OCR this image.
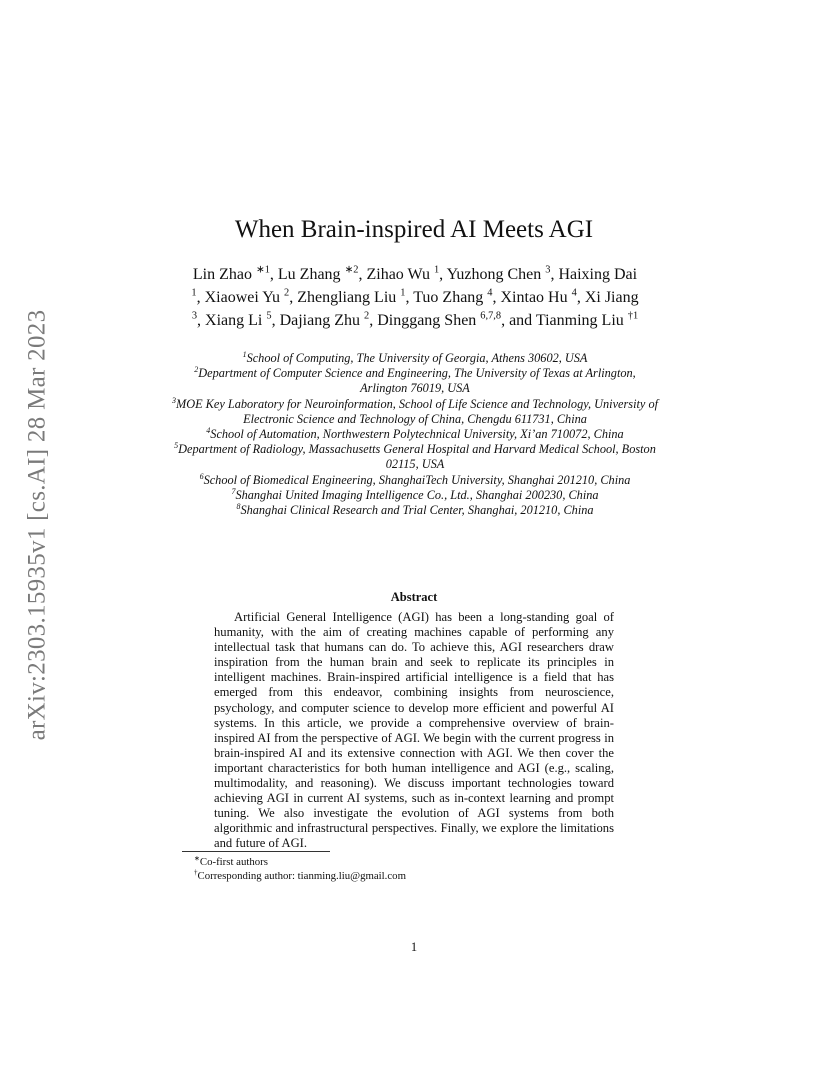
arXiv:2303.15935v1 [cs.AI] 28 Mar 2023
When Brain-inspired AI Meets AGI
Lin Zhao $^{∗1}$, Lu Zhang $^{∗2}$, Zihao Wu $^1$, Yuzhong Chen $^3$, Haixing Dai $^1$, Xiaowei Yu $^2$, Zhengliang Liu $^1$, Tuo Zhang $^4$, Xintao Hu $^4$, Xi Jiang $^3$, Xiang Li $^5$, Dajiang Zhu $^2$, Dinggang Shen $^{6,7,8}$, and Tianming Liu $^{\dagger 1}$
$^1$School of Computing, The University of Georgia, Athens 30602, USA
$^2$Department of Computer Science and Engineering, The University of Texas at Arlington, Arlington 76019, USA
$^3$MOE Key Laboratory for Neuroinformation, School of Life Science and Technology, University of Electronic Science and Technology of China, Chengdu 611731, China
$^4$School of Automation, Northwestern Polytechnical University, Xi’an 710072, China
$^5$Department of Radiology, Massachusetts General Hospital and Harvard Medical School, Boston 02115, USA
$^6$School of Biomedical Engineering, ShanghaiTech University, Shanghai 201210, China
$^7$Shanghai United Imaging Intelligence Co., Ltd., Shanghai 200230, China
$^8$Shanghai Clinical Research and Trial Center, Shanghai, 201210, China
Abstract

Artificial General Intelligence (AGI) has been a long-standing goal of humanity, with the aim of creating machines capable of performing any intellectual task that humans can do. To achieve this, AGI researchers draw inspiration from the human brain and seek to replicate its principles in intelligent machines. Brain-inspired artificial intelligence is a field that has emerged from this endeavor, combining insights from neuroscience, psychology, and computer science to develop more efficient and powerful AI systems. In this article, we provide a comprehensive overview of brain-inspired AI from the perspective of AGI. We begin with the current progress in brain-inspired AI and its extensive connection with AGI. We then cover the important characteristics for both human intelligence and AGI (e.g., scaling, multimodality, and reasoning). We discuss important technologies toward achieving AGI in current AI systems, such as in-context learning and prompt tuning. We also investigate the evolution of AGI systems from both algorithmic and infrastructural perspectives. Finally, we explore the limitations and future of AGI.

∗Co-first authors
†Corresponding author: tianming.liu@gmail.com
1
